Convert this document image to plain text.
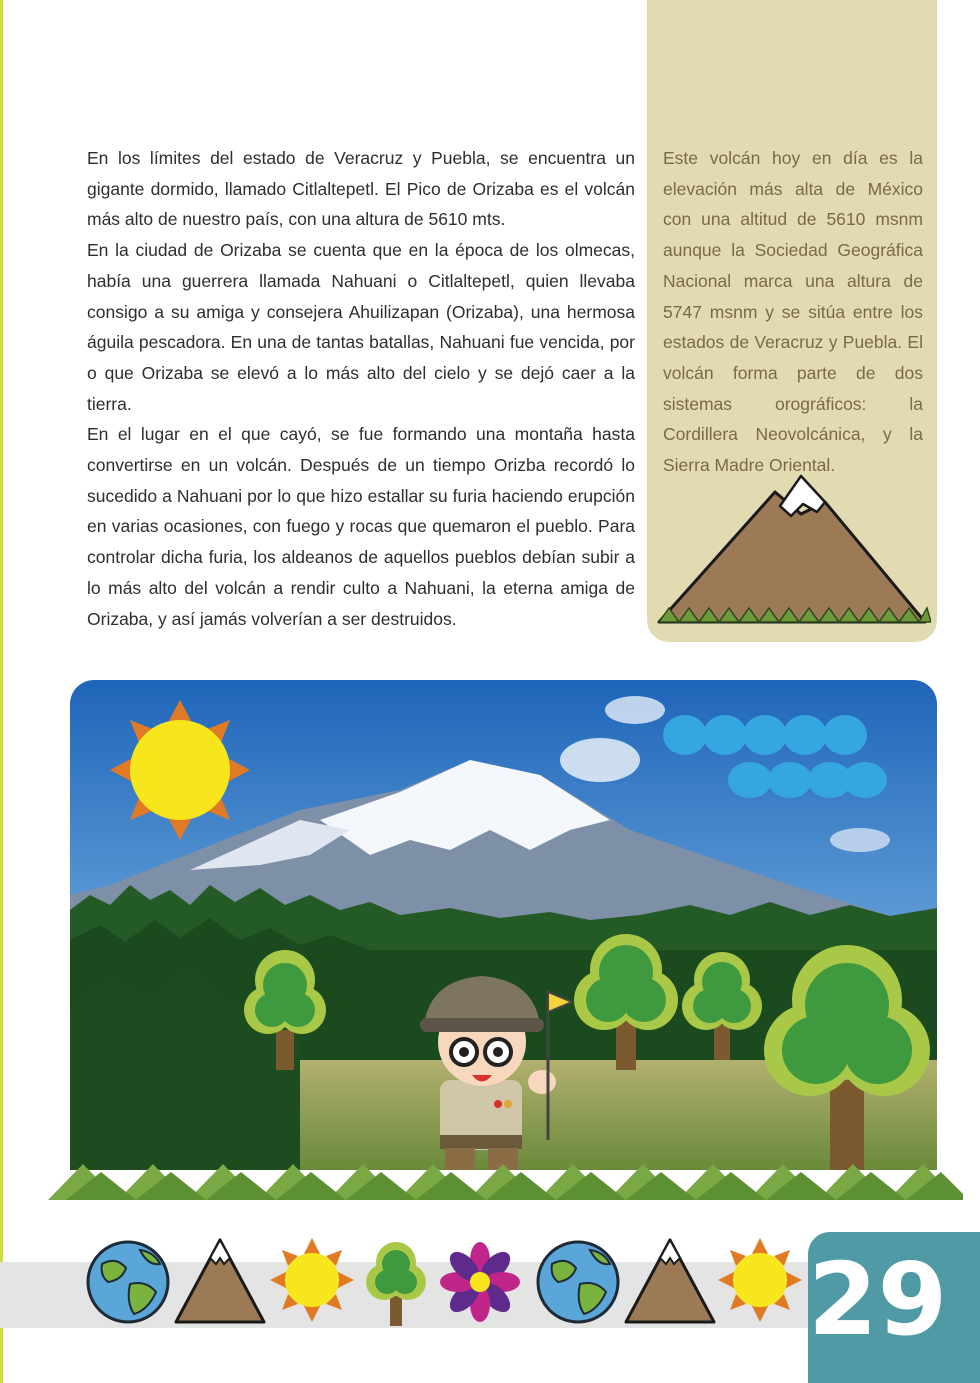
En los límites del estado de Veracruz y Puebla, se encuentra un gigante dormido, llamado Citlaltepetl. El Pico de Orizaba es el volcán más alto de nuestro país, con una altura de 5610 mts.

En la ciudad de Orizaba se cuenta que en la época de los olmecas, había una guerrera llamada Nahuani o Citlaltepetl, quien llevaba consigo a su amiga y consejera Ahuilizapan (Orizaba), una hermosa águila pescadora. En una de tantas batallas, Nahuani fue vencida, por o que Orizaba se elevó a lo más alto del cielo y se dejó caer a la tierra.

En el lugar en el que cayó, se fue formando una montaña hasta convertirse en un volcán. Después de un tiempo Orizba recordó lo sucedido a Nahuani por lo que hizo estallar su furia haciendo erupción en varias ocasiones, con fuego y rocas que quemaron el pueblo. Para controlar dicha furia, los aldeanos de aquellos pueblos debían subir a lo más alto del volcán a rendir culto a Nahuani, la eterna amiga de Orizaba, y así jamás volverían a ser destruidos.

Este volcán hoy en día es la elevación más alta de México con una altitud de 5610 msnm aunque la Sociedad Geográfica Nacional marca una altura de 5747 msnm y se sitúa entre los estados de Veracruz y Puebla. El volcán forma parte de dos sistemas orográficos: la Cordillera Neovolcánica, y la Sierra Madre Oriental.

29
